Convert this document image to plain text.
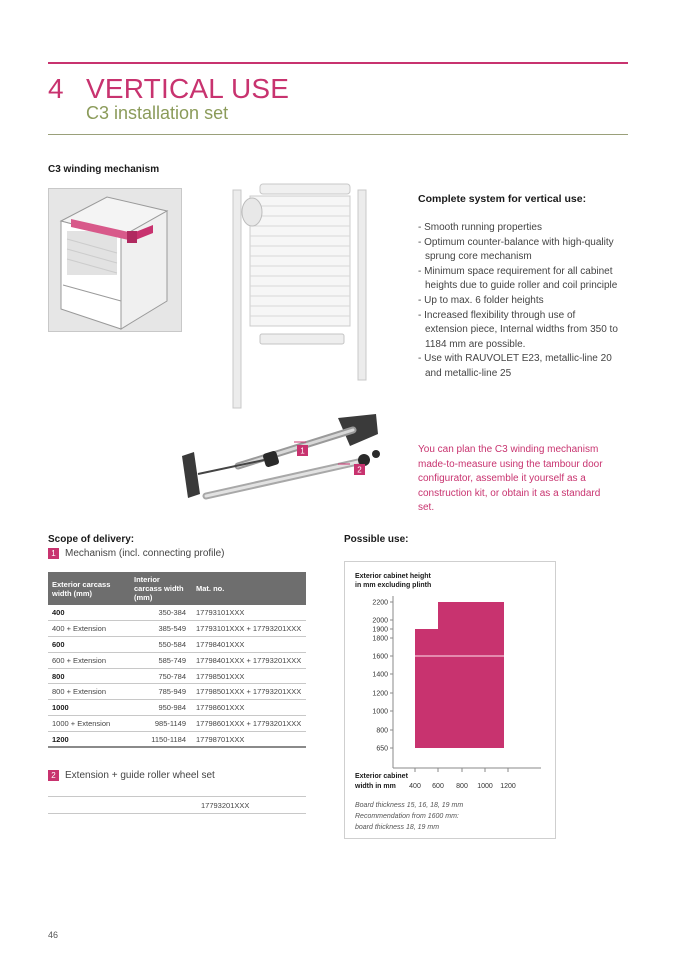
4 VERTICAL USE
C3 installation set
C3 winding mechanism
1
2
Complete system for vertical use:
- Smooth running properties
- Optimum counter-balance with high-quality sprung core mechanism
- Minimum space requirement for all cabinet heights due to guide roller and coil principle
- Up to max. 6 folder heights
- Increased flexibility through use of extension piece, Internal widths from 350 to 1184 mm are possible.
- Use with RAUVOLET E23, metallic-line 20 and metallic-line 25
You can plan the C3 winding mechanism made-to-measure using the tambour door configurator, assemble it yourself as a construction kit, or obtain it as a standard set.
Scope of delivery:
1 Mechanism (incl. connecting profile)
Exterior carcass width (mm)	Interior carcass width (mm)	Mat. no.
400	350-384	17793101XXX
400 + Extension	385-549	17793101XXX + 17793201XXX
600	550-584	17798401XXX
600 + Extension	585-749	17798401XXX + 17793201XXX
800	750-784	17798501XXX
800 + Extension	785-949	17798501XXX + 17793201XXX
1000	950-984	17798601XXX
1000 + Extension	985-1149	17798601XXX + 17793201XXX
1200	1150-1184	17798701XXX
2 Extension + guide roller wheel set
17793201XXX
Possible use:
Exterior cabinet height
in mm excluding plinth
650
800
1000
1200
1400
1600
1800
1900
2000
2200
400 600 800 1000 1200
Exterior cabinet
width in mm
Board thickness 15, 16, 18, 19 mm
Recommendation from 1600 mm:
board thickness 18, 19 mm
46
